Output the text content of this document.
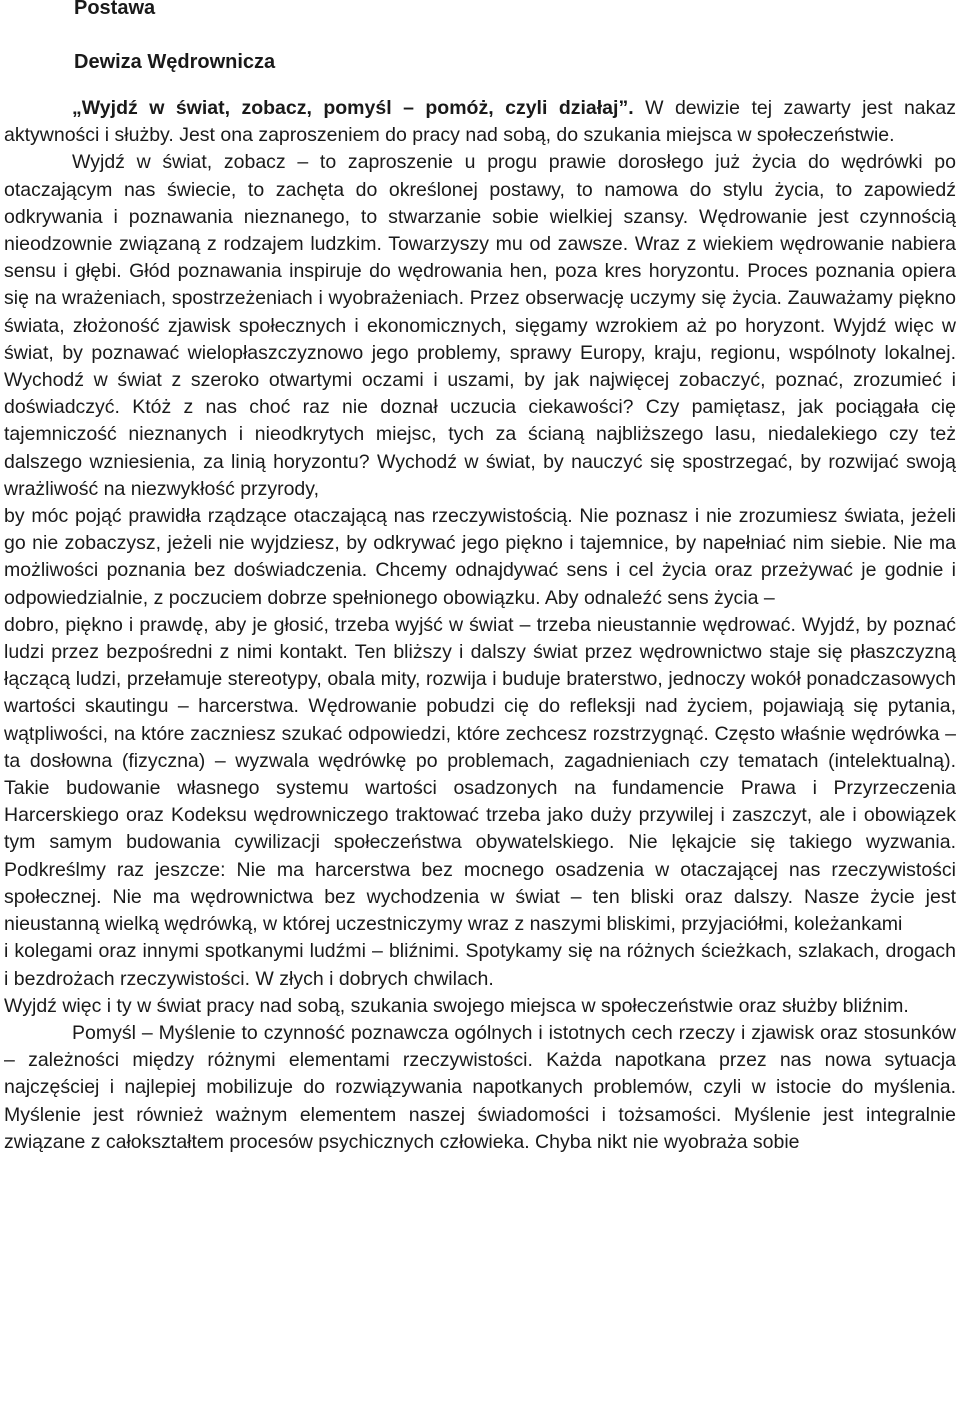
Postawa
Dewiza Wędrownicza

„Wyjdź w świat, zobacz, pomyśl – pomóż, czyli działaj”. W dewizie tej zawarty jest nakaz aktywności i służby. Jest ona zaproszeniem do pracy nad sobą, do szukania miejsca w społeczeństwie.

Wyjdź w świat, zobacz – to zaproszenie u progu prawie dorosłego już życia do wędrówki po otaczającym nas świecie, to zachęta do określonej postawy, to namowa do stylu życia, to zapowiedź odkrywania i poznawania nieznanego, to stwarzanie sobie wielkiej szansy. Wędrowanie jest czynnością nieodzownie związaną z rodzajem ludzkim. Towarzyszy mu od zawsze. Wraz z wiekiem wędrowanie nabiera sensu i głębi. Głód poznawania inspiruje do wędrowania hen, poza kres horyzontu. Proces poznania opiera się na wrażeniach, spostrzeżeniach i wyobrażeniach. Przez obserwację uczymy się życia. Zauważamy piękno świata, złożoność zjawisk społecznych i ekonomicznych, sięgamy wzrokiem aż po horyzont. Wyjdź więc w świat, by poznawać wielopłaszczyznowo jego problemy, sprawy Europy, kraju, regionu, wspólnoty lokalnej. Wychodź w świat z szeroko otwartymi oczami i uszami, by jak najwięcej zobaczyć, poznać, zrozumieć i doświadczyć. Któż z nas choć raz nie doznał uczucia ciekawości? Czy pamiętasz, jak pociągała cię tajemniczość nieznanych i nieodkrytych miejsc, tych za ścianą najbliższego lasu, niedalekiego czy też dalszego wzniesienia, za linią horyzontu? Wychodź w świat, by nauczyć się spostrzegać, by rozwijać swoją wrażliwość na niezwykłość przyrody,

by móc pojąć prawidła rządzące otaczającą nas rzeczywistością. Nie poznasz i nie zrozumiesz świata, jeżeli go nie zobaczysz, jeżeli nie wyjdziesz, by odkrywać jego piękno i tajemnice, by napełniać nim siebie. Nie ma możliwości poznania bez doświadczenia. Chcemy odnajdywać sens i cel życia oraz przeżywać je godnie i odpowiedzialnie, z poczuciem dobrze spełnionego obowiązku. Aby odnaleźć sens życia –

dobro, piękno i prawdę, aby je głosić, trzeba wyjść w świat – trzeba nieustannie wędrować. Wyjdź, by poznać ludzi przez bezpośredni z nimi kontakt. Ten bliższy i dalszy świat przez wędrownictwo staje się płaszczyzną łączącą ludzi, przełamuje stereotypy, obala mity, rozwija i buduje braterstwo, jednoczy wokół ponadczasowych wartości skautingu – harcerstwa. Wędrowanie pobudzi cię do refleksji nad życiem, pojawiają się pytania, wątpliwości, na które zaczniesz szukać odpowiedzi, które zechcesz rozstrzygnąć. Często właśnie wędrówka – ta dosłowna (fizyczna) – wyzwala wędrówkę po problemach, zagadnieniach czy tematach (intelektualną). Takie budowanie własnego systemu wartości osadzonych na fundamencie Prawa i Przyrzeczenia Harcerskiego oraz Kodeksu wędrowniczego traktować trzeba jako duży przywilej i zaszczyt, ale i obowiązek tym samym budowania cywilizacji społeczeństwa obywatelskiego. Nie lękajcie się takiego wyzwania. Podkreślmy raz jeszcze: Nie ma harcerstwa bez mocnego osadzenia w otaczającej nas rzeczywistości społecznej. Nie ma wędrownictwa bez wychodzenia w świat – ten bliski oraz dalszy. Nasze życie jest nieustanną wielką wędrówką, w której uczestniczymy wraz z naszymi bliskimi, przyjaciółmi, koleżankami

i kolegami oraz innymi spotkanymi ludźmi – bliźnimi. Spotykamy się na różnych ścieżkach, szlakach, drogach i bezdrożach rzeczywistości. W złych i dobrych chwilach.

Wyjdź więc i ty w świat pracy nad sobą, szukania swojego miejsca w społeczeństwie oraz służby bliźnim.

Pomyśl – Myślenie to czynność poznawcza ogólnych i istotnych cech rzeczy i zjawisk oraz stosunków – zależności między różnymi elementami rzeczywistości. Każda napotkana przez nas nowa sytuacja najczęściej i najlepiej mobilizuje do rozwiązywania napotkanych problemów, czyli w istocie do myślenia. Myślenie jest również ważnym elementem naszej świadomości i tożsamości. Myślenie jest integralnie związane z całokształtem procesów psychicznych człowieka. Chyba nikt nie wyobraża sobie
